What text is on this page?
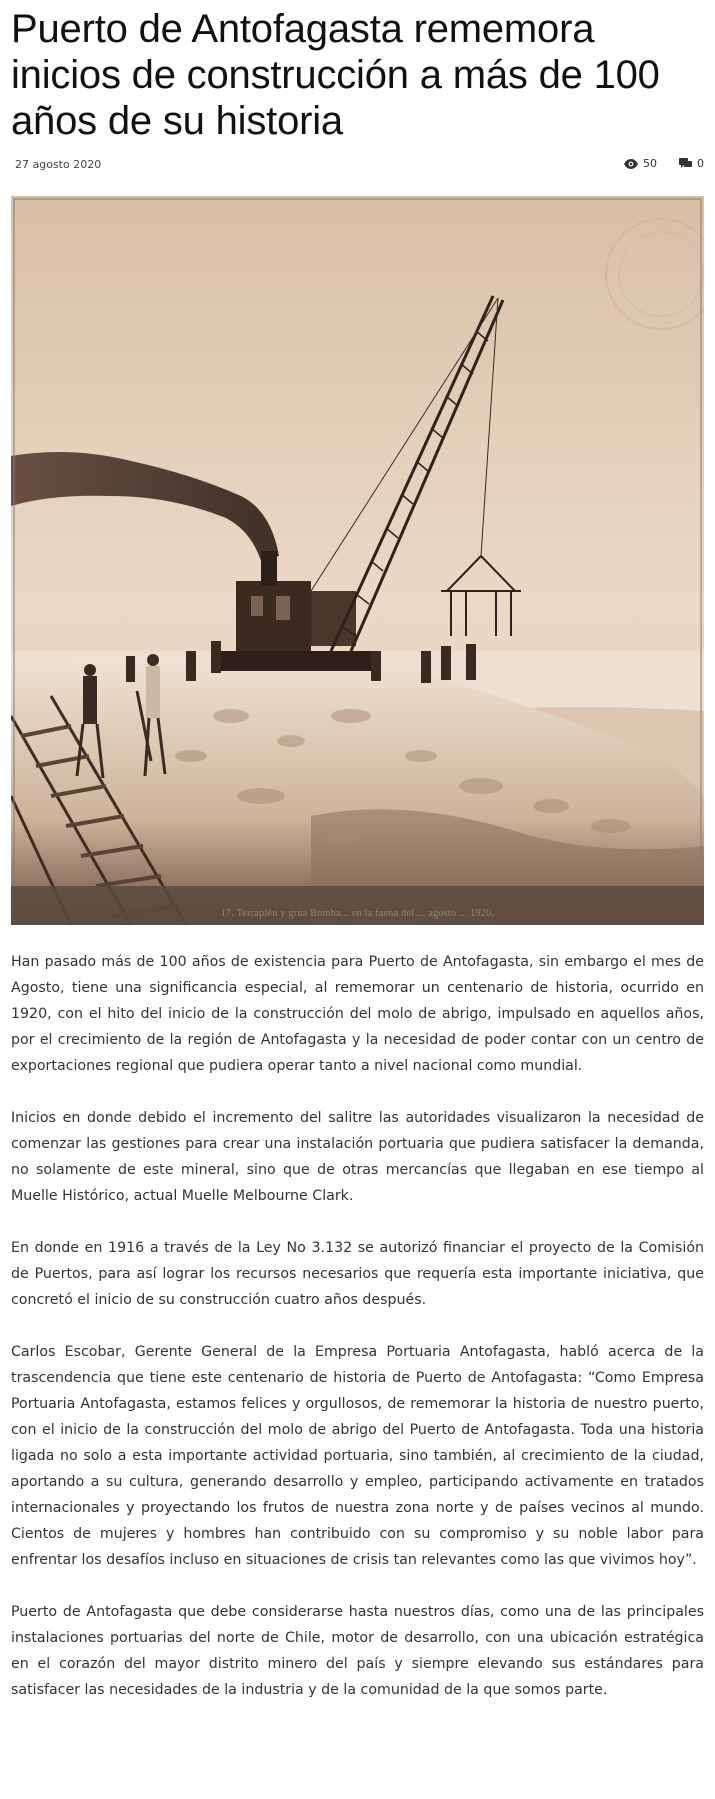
Puerto de Antofagasta rememora inicios de construcción a más de 100 años de su historia
27 agosto 2020	50	0
17. Terraplén y grúa Bomba... en la faena del ... agosto ... 1920.

Han pasado más de 100 años de existencia para Puerto de Antofagasta, sin embargo el mes de Agosto, tiene una significancia especial, al rememorar un centenario de historia, ocurrido en 1920, con el hito del inicio de la construcción del molo de abrigo, impulsado en aquellos años, por el crecimiento de la región de Antofagasta y la necesidad de poder contar con un centro de exportaciones regional que pudiera operar tanto a nivel nacional como mundial.

Inicios en donde debido el incremento del salitre las autoridades visualizaron la necesidad de comenzar las gestiones para crear una instalación portuaria que pudiera satisfacer la demanda, no solamente de este mineral, sino que de otras mercancías que llegaban en ese tiempo al Muelle Histórico, actual Muelle Melbourne Clark.

En donde en 1916 a través de la Ley No 3.132 se autorizó financiar el proyecto de la Comisión de Puertos, para así lograr los recursos necesarios que requería esta importante iniciativa, que concretó el inicio de su construcción cuatro años después.

Carlos Escobar, Gerente General de la Empresa Portuaria Antofagasta, habló acerca de la trascendencia que tiene este centenario de historia de Puerto de Antofagasta: “Como Empresa Portuaria Antofagasta, estamos felices y orgullosos, de rememorar la historia de nuestro puerto, con el inicio de la construcción del molo de abrigo del Puerto de Antofagasta. Toda una historia ligada no solo a esta importante actividad portuaria, sino también, al crecimiento de la ciudad, aportando a su cultura, generando desarrollo y empleo, participando activamente en tratados internacionales y proyectando los frutos de nuestra zona norte y de países vecinos al mundo. Cientos de mujeres y hombres han contribuido con su compromiso y su noble labor para enfrentar los desafíos incluso en situaciones de crisis tan relevantes como las que vivimos hoy”.

Puerto de Antofagasta que debe considerarse hasta nuestros días, como una de las principales instalaciones portuarias del norte de Chile, motor de desarrollo, con una ubicación estratégica en el corazón del mayor distrito minero del país y siempre elevando sus estándares para satisfacer las necesidades de la industria y de la comunidad de la que somos parte.
